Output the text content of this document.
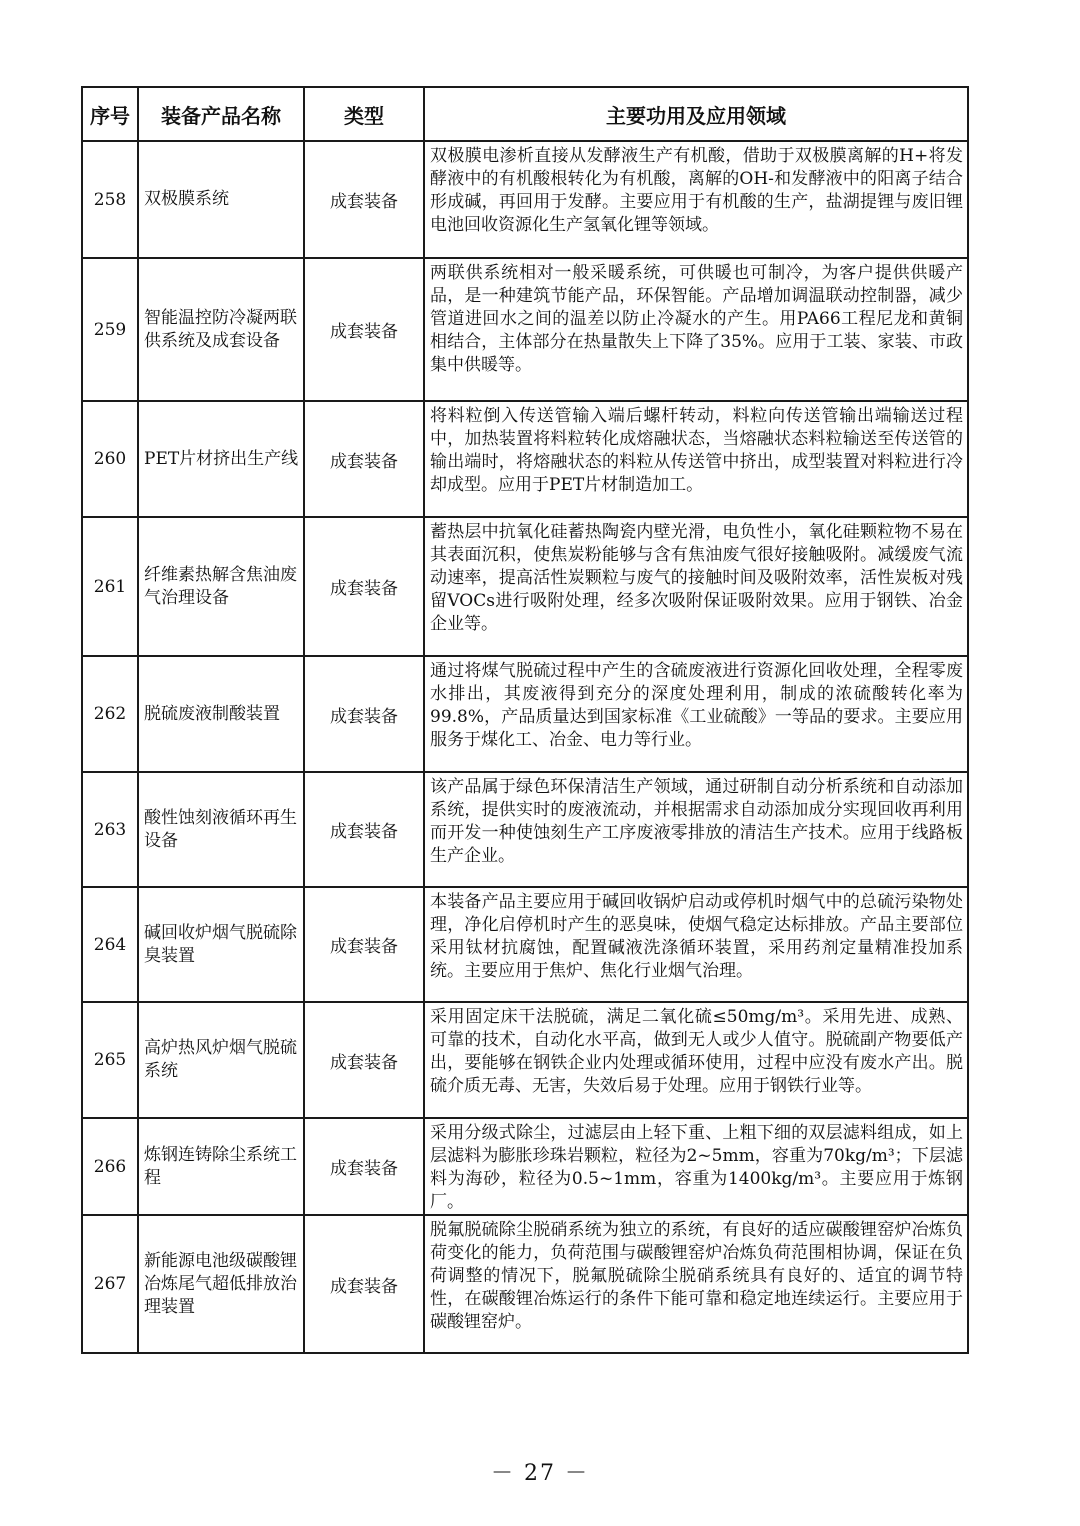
序号	装备产品名称	类型	主要功用及应用领域
258	双极膜系统	成套装备	双极膜电渗析直接从发酵液生产有机酸，借助于双极膜离解的H+将发酵液中的有机酸根转化为有机酸，离解的OH-和发酵液中的阳离子结合形成碱，再回用于发酵。主要应用于有机酸的生产，盐湖提锂与废旧锂电池回收资源化生产氢氧化锂等领域。
259	智能温控防冷凝两联供系统及成套设备	成套装备	两联供系统相对一般采暖系统，可供暖也可制冷，为客户提供供暖产品，是一种建筑节能产品，环保智能。产品增加调温联动控制器，减少管道进回水之间的温差以防止冷凝水的产生。用PA66工程尼龙和黄铜相结合，主体部分在热量散失上下降了35%。应用于工装、家装、市政集中供暖等。
260	PET片材挤出生产线	成套装备	将料粒倒入传送管输入端后螺杆转动，料粒向传送管输出端输送过程中，加热装置将料粒转化成熔融状态，当熔融状态料粒输送至传送管的输出端时，将熔融状态的料粒从传送管中挤出，成型装置对料粒进行冷却成型。应用于PET片材制造加工。
261	纤维素热解含焦油废气治理设备	成套装备	蓄热层中抗氧化硅蓄热陶瓷内壁光滑，电负性小，氧化硅颗粒物不易在其表面沉积，使焦炭粉能够与含有焦油废气很好接触吸附。减缓废气流动速率，提高活性炭颗粒与废气的接触时间及吸附效率，活性炭板对残留VOCs进行吸附处理，经多次吸附保证吸附效果。应用于钢铁、冶金企业等。
262	脱硫废液制酸装置	成套装备	通过将煤气脱硫过程中产生的含硫废液进行资源化回收处理，全程零废水排出，其废液得到充分的深度处理利用，制成的浓硫酸转化率为99.8%，产品质量达到国家标准《工业硫酸》一等品的要求。主要应用服务于煤化工、冶金、电力等行业。
263	酸性蚀刻液循环再生设备	成套装备	该产品属于绿色环保清洁生产领域，通过研制自动分析系统和自动添加系统，提供实时的废液流动，并根据需求自动添加成分实现回收再利用而开发一种使蚀刻生产工序废液零排放的清洁生产技术。应用于线路板生产企业。
264	碱回收炉烟气脱硫除臭装置	成套装备	本装备产品主要应用于碱回收锅炉启动或停机时烟气中的总硫污染物处理，净化启停机时产生的恶臭味，使烟气稳定达标排放。产品主要部位采用钛材抗腐蚀，配置碱液洗涤循环装置，采用药剂定量精准投加系统。主要应用于焦炉、焦化行业烟气治理。
265	高炉热风炉烟气脱硫系统	成套装备	采用固定床干法脱硫，满足二氧化硫≤50mg/m³。采用先进、成熟、可靠的技术，自动化水平高，做到无人或少人值守。脱硫副产物要低产出，要能够在钢铁企业内处理或循环使用，过程中应没有废水产出。脱硫介质无毒、无害，失效后易于处理。应用于钢铁行业等。
266	炼钢连铸除尘系统工程	成套装备	采用分级式除尘，过滤层由上轻下重、上粗下细的双层滤料组成，如上层滤料为膨胀珍珠岩颗粒，粒径为2~5mm，容重为70kg/m³；下层滤料为海砂，粒径为0.5~1mm，容重为1400kg/m³。主要应用于炼钢厂。
267	新能源电池级碳酸锂冶炼尾气超低排放治理装置	成套装备	脱氟脱硫除尘脱硝系统为独立的系统，有良好的适应碳酸锂窑炉冶炼负荷变化的能力，负荷范围与碳酸锂窑炉冶炼负荷范围相协调，保证在负荷调整的情况下，脱氟脱硫除尘脱硝系统具有良好的、适宜的调节特性，在碳酸锂冶炼运行的条件下能可靠和稳定地连续运行。主要应用于碳酸锂窑炉。
－ 27 －
